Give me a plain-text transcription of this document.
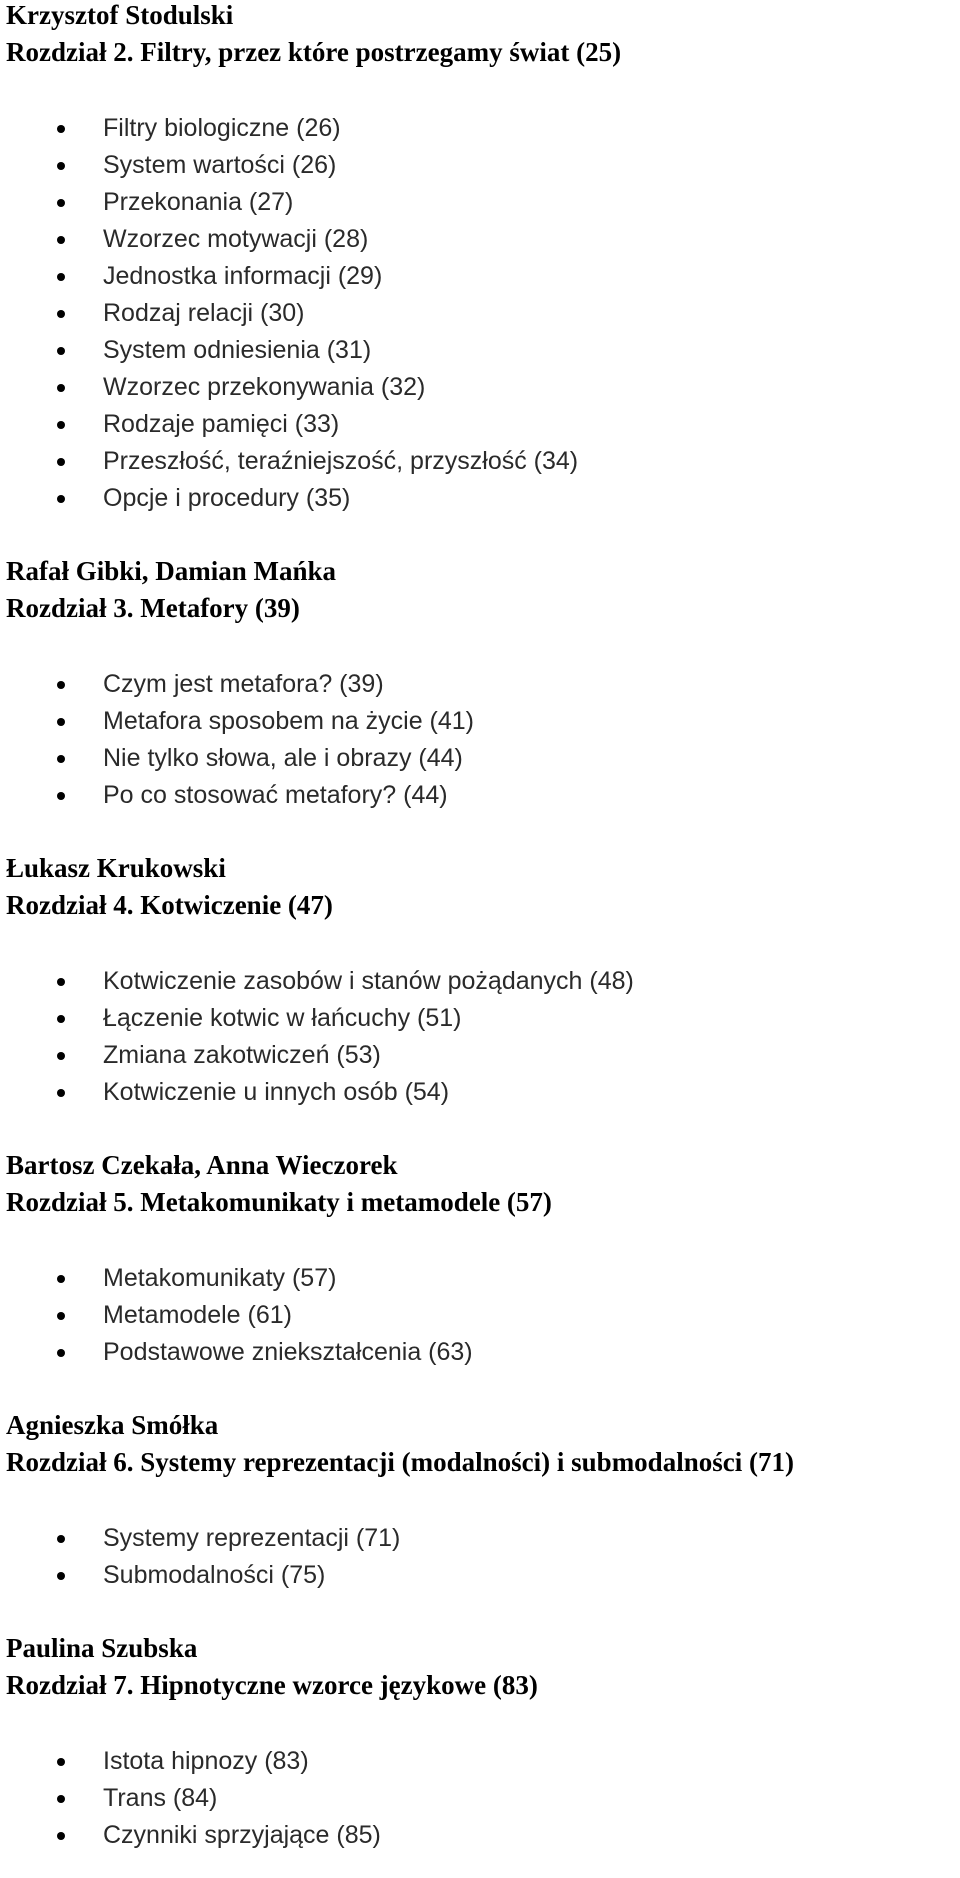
Krzysztof Stodulski
Rozdział 2. Filtry, przez które postrzegamy świat (25)
Filtry biologiczne (26)
System wartości (26)
Przekonania (27)
Wzorzec motywacji (28)
Jednostka informacji (29)
Rodzaj relacji (30)
System odniesienia (31)
Wzorzec przekonywania (32)
Rodzaje pamięci (33)
Przeszłość, teraźniejszość, przyszłość (34)
Opcje i procedury (35)
Rafał Gibki, Damian Mańka
Rozdział 3. Metafory (39)
Czym jest metafora? (39)
Metafora sposobem na życie (41)
Nie tylko słowa, ale i obrazy (44)
Po co stosować metafory? (44)
Łukasz Krukowski
Rozdział 4. Kotwiczenie (47)
Kotwiczenie zasobów i stanów pożądanych (48)
Łączenie kotwic w łańcuchy (51)
Zmiana zakotwiczeń (53)
Kotwiczenie u innych osób (54)
Bartosz Czekała, Anna Wieczorek
Rozdział 5. Metakomunikaty i metamodele (57)
Metakomunikaty (57)
Metamodele (61)
Podstawowe zniekształcenia (63)
Agnieszka Smółka
Rozdział 6. Systemy reprezentacji (modalności) i submodalności (71)
Systemy reprezentacji (71)
Submodalności (75)
Paulina Szubska
Rozdział 7. Hipnotyczne wzorce językowe (83)
Istota hipnozy (83)
Trans (84)
Czynniki sprzyjające (85)
